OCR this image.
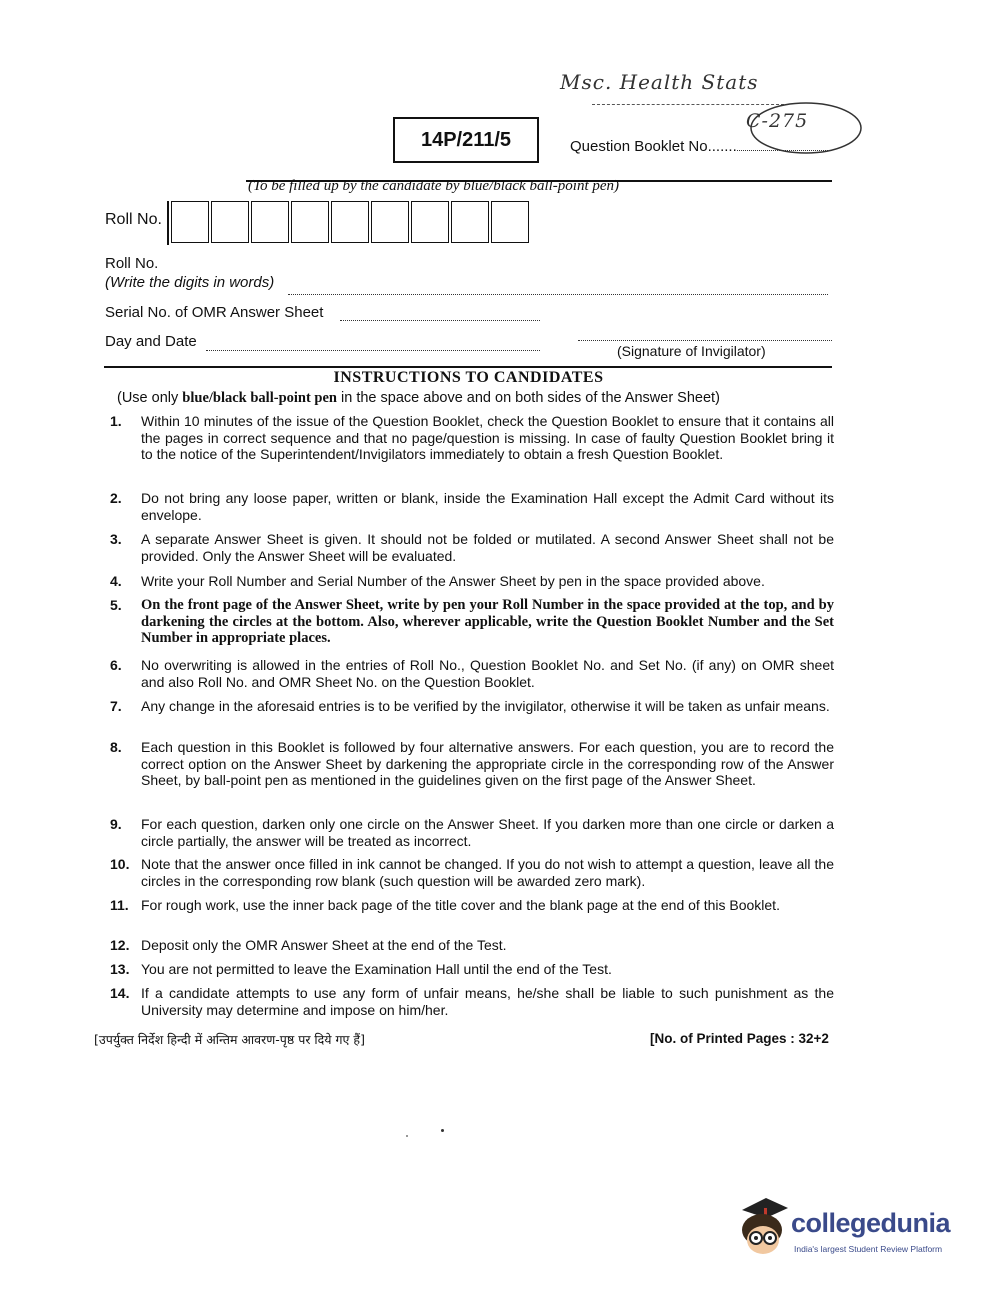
Msc. Health Stats
C-275
14P/211/5	Question Booklet No.......
(To be filled up by the candidate by blue/black ball-point pen)
Roll No.
Roll No.
(Write the digits in words)
Serial No. of OMR Answer Sheet
Day and Date
(Signature of Invigilator)
INSTRUCTIONS TO CANDIDATES
(Use only blue/black ball-point pen in the space above and on both sides of the Answer Sheet)
1.	Within 10 minutes of the issue of the Question Booklet, check the Question Booklet to ensure that it contains all the pages in correct sequence and that no page/question is missing. In case of faulty Question Booklet bring it to the notice of the Superintendent/Invigilators immediately to obtain a fresh Question Booklet.
2.	Do not bring any loose paper, written or blank, inside the Examination Hall except the Admit Card without its envelope.
3.	A separate Answer Sheet is given. It should not be folded or mutilated. A second Answer Sheet shall not be provided. Only the Answer Sheet will be evaluated.
4.	Write your Roll Number and Serial Number of the Answer Sheet by pen in the space provided above.
5.	On the front page of the Answer Sheet, write by pen your Roll Number in the space provided at the top, and by darkening the circles at the bottom. Also, wherever applicable, write the Question Booklet Number and the Set Number in appropriate places.
6.	No overwriting is allowed in the entries of Roll No., Question Booklet No. and Set No. (if any) on OMR sheet and also Roll No. and OMR Sheet No. on the Question Booklet.
7.	Any change in the aforesaid entries is to be verified by the invigilator, otherwise it will be taken as unfair means.
8.	Each question in this Booklet is followed by four alternative answers. For each question, you are to record the correct option on the Answer Sheet by darkening the appropriate circle in the corresponding row of the Answer Sheet, by ball-point pen as mentioned in the guidelines given on the first page of the Answer Sheet.
9.	For each question, darken only one circle on the Answer Sheet. If you darken more than one circle or darken a circle partially, the answer will be treated as incorrect.
10. Note that the answer once filled in ink cannot be changed. If you do not wish to attempt a question, leave all the circles in the corresponding row blank (such question will be awarded zero mark).
11. For rough work, use the inner back page of the title cover and the blank page at the end of this Booklet.
12. Deposit only the OMR Answer Sheet at the end of the Test.
13. You are not permitted to leave the Examination Hall until the end of the Test.
14. If a candidate attempts to use any form of unfair means, he/she shall be liable to such punishment as the University may determine and impose on him/her.
[उपर्युक्त निर्देश हिन्दी में अन्तिम आवरण-पृष्ठ पर दिये गए हैं]	[No. of Printed Pages : 32+2
collegedunia
India's largest Student Review Platform
